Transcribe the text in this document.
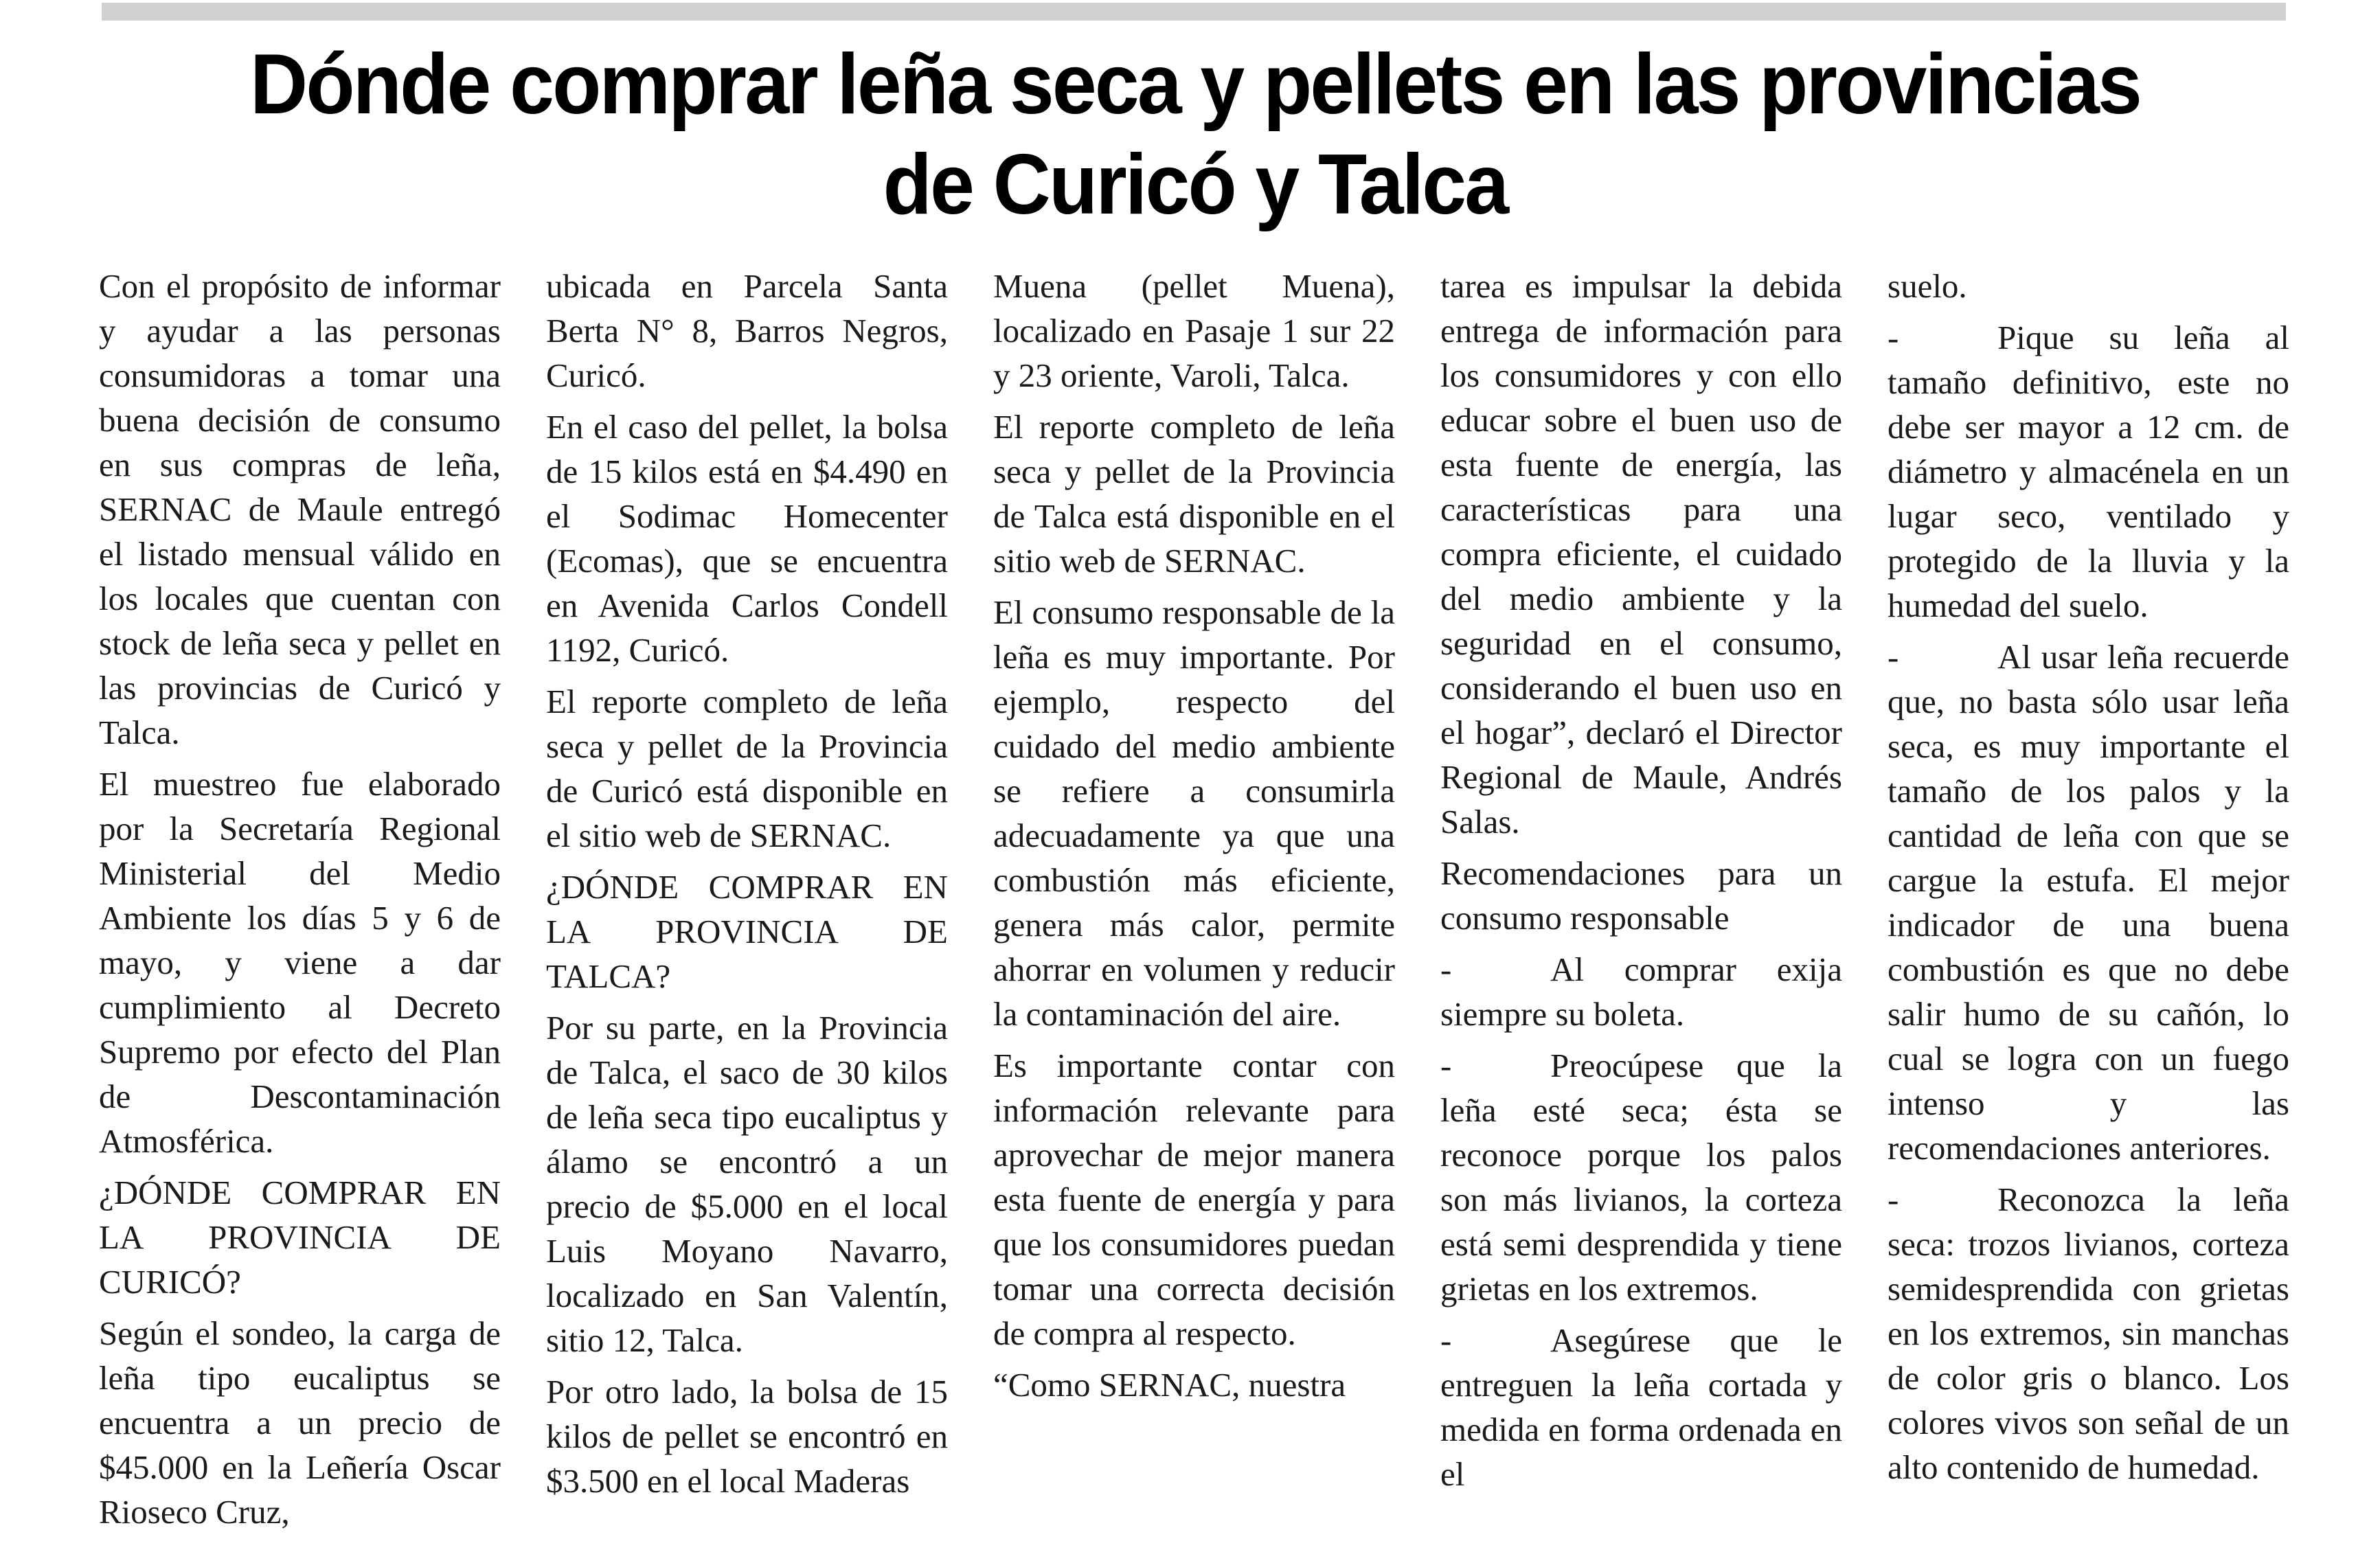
Dónde comprar leña seca y pellets en las provincias
de Curicó y Talca

Con el propósito de informar y ayudar a las personas consumidoras a tomar una buena decisión de consumo en sus compras de leña, SERNAC de Maule entregó el listado mensual válido en los locales que cuentan con stock de leña seca y pellet en las provincias de Curicó y Talca.

El muestreo fue elaborado por la Secretaría Regional Ministerial del Medio Ambiente los días 5 y 6 de mayo, y viene a dar cumplimiento al Decreto Supremo por efecto del Plan de Descontaminación Atmosférica.

¿DÓNDE COMPRAR EN LA PROVINCIA DE CURICÓ?

Según el sondeo, la carga de leña tipo eucaliptus se encuentra a un precio de $45.000 en la Leñería Oscar Rioseco Cruz,

ubicada en Parcela Santa Berta N° 8, Barros Negros, Curicó.

En el caso del pellet, la bolsa de 15 kilos está en $4.490 en el Sodimac Homecenter (Ecomas), que se encuentra en Avenida Carlos Condell 1192, Curicó.

El reporte completo de leña seca y pellet de la Provincia de Curicó está disponible en el sitio web de SERNAC.

¿DÓNDE COMPRAR EN LA PROVINCIA DE TALCA?

Por su parte, en la Provincia de Talca, el saco de 30 kilos de leña seca tipo eucaliptus y álamo se encontró a un precio de $5.000 en el local Luis Moyano Navarro, localizado en San Valentín, sitio 12, Talca.

Por otro lado, la bolsa de 15 kilos de pellet se encontró en $3.500 en el local Maderas

Muena (pellet Muena), localizado en Pasaje 1 sur 22 y 23 oriente, Varoli, Talca.

El reporte completo de leña seca y pellet de la Provincia de Talca está disponible en el sitio web de SERNAC.

El consumo responsable de la leña es muy importante. Por ejemplo, respecto del cuidado del medio ambiente se refiere a consumirla adecuadamente ya que una combustión más eficiente, genera más calor, permite ahorrar en volumen y reducir la contaminación del aire.

Es importante contar con información relevante para aprovechar de mejor manera esta fuente de energía y para que los consumidores puedan tomar una correcta decisión de compra al respecto.

“Como SERNAC, nuestra

tarea es impulsar la debida entrega de información para los consumidores y con ello educar sobre el buen uso de esta fuente de energía, las características para una compra eficiente, el cuidado del medio ambiente y la seguridad en el consumo, considerando el buen uso en el hogar”, declaró el Director Regional de Maule, Andrés Salas.

Recomendaciones para un consumo responsable

-	Al comprar exija siempre su boleta.

-	Preocúpese que la leña esté seca; ésta se reconoce porque los palos son más livianos, la corteza está semi desprendida y tiene grietas en los extremos.

-	Asegúrese que le entreguen la leña cortada y medida en forma ordenada en el

suelo.

-	Pique su leña al tamaño definitivo, este no debe ser mayor a 12 cm. de diámetro y almacénela en un lugar seco, ventilado y protegido de la lluvia y la humedad del suelo.

-	Al usar leña recuerde que, no basta sólo usar leña seca, es muy importante el tamaño de los palos y la cantidad de leña con que se cargue la estufa. El mejor indicador de una buena combustión es que no debe salir humo de su cañón, lo cual se logra con un fuego intenso y las recomendaciones anteriores.

-	Reconozca la leña seca: trozos livianos, corteza semidesprendida con grietas en los extremos, sin manchas de color gris o blanco. Los colores vivos son señal de un alto contenido de humedad.
